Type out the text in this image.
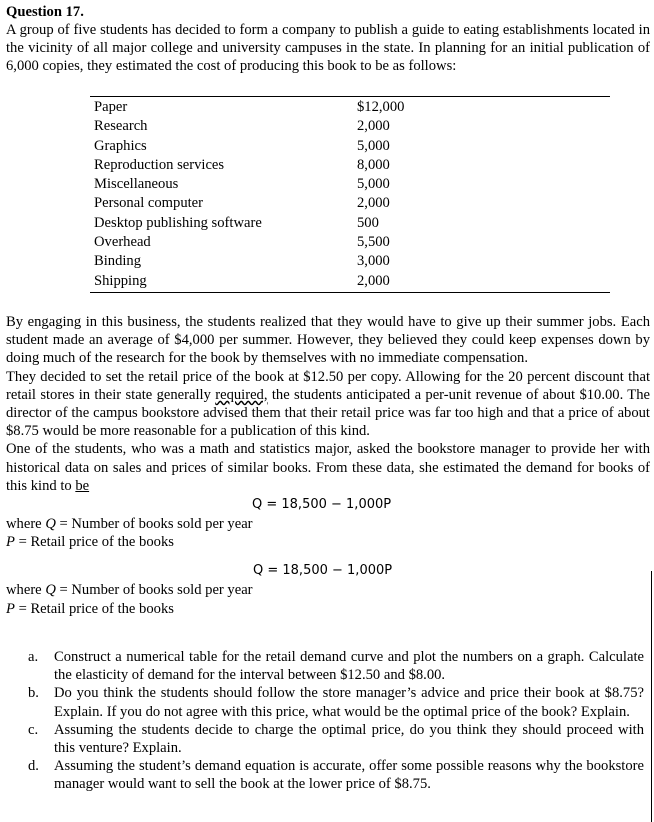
Question 17.

A group of five students has decided to form a company to publish a guide to eating establishments located in the vicinity of all major college and university campuses in the state. In planning for an initial publication of 6,000 copies, they estimated the cost of producing this book to be as follows:

Paper	$12,000
Research	2,000
Graphics	5,000
Reproduction services	8,000
Miscellaneous	5,000
Personal computer	2,000
Desktop publishing software	500
Overhead	5,500
Binding	3,000
Shipping	2,000

By engaging in this business, the students realized that they would have to give up their summer jobs. Each student made an average of $4,000 per summer. However, they believed they could keep expenses down by doing much of the research for the book by themselves with no immediate compensation.

They decided to set the retail price of the book at $12.50 per copy. Allowing for the 20 percent discount that retail stores in their state generally required, the students anticipated a per-unit revenue of about $10.00. The director of the campus bookstore advised them that their retail price was far too high and that a price of about $8.75 would be more reasonable for a publication of this kind.

One of the students, who was a math and statistics major, asked the bookstore manager to provide her with historical data on sales and prices of similar books. From these data, she estimated the demand for books of this kind to be

Q = 18,500 − 1,000P

where Q = Number of books sold per year

P = Retail price of the books

Q = 18,500 − 1,000P

where Q = Number of books sold per year

P = Retail price of the books

a. Construct a numerical table for the retail demand curve and plot the numbers on a graph. Calculate the elasticity of demand for the interval between $12.50 and $8.00.
b. Do you think the students should follow the store manager’s advice and price their book at $8.75? Explain. If you do not agree with this price, what would be the optimal price of the book? Explain.
c. Assuming the students decide to charge the optimal price, do you think they should proceed with this venture? Explain.
d. Assuming the student’s demand equation is accurate, offer some possible reasons why the bookstore manager would want to sell the book at the lower price of $8.75.
